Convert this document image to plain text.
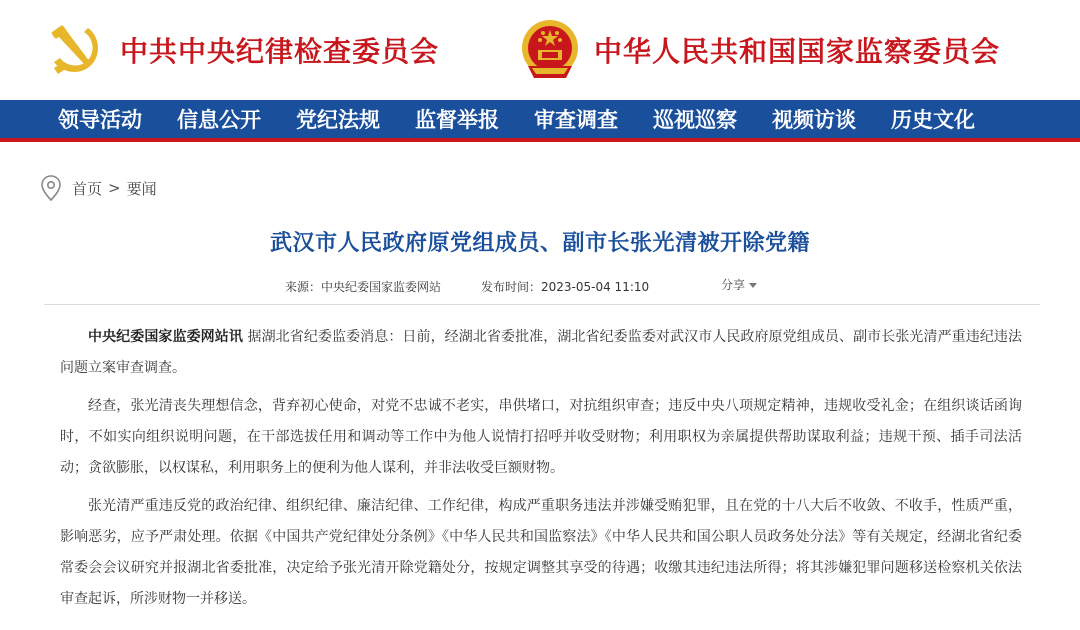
中共中央纪律检查委员会	中华人民共和国国家监察委员会
领导活动 信息公开 党纪法规 监督举报 审查调查 巡视巡察 视频访谈 历史文化
首页 > 要闻
武汉市人民政府原党组成员、副市长张光清被开除党籍
来源：中央纪委国家监委网站	发布时间：2023-05-04 11:10	分享

中央纪委国家监委网站讯 据湖北省纪委监委消息：日前，经湖北省委批准，湖北省纪委监委对武汉市人民政府原党组成员、副市长张光清严重违纪违法问题立案审查调查。

经查，张光清丧失理想信念，背弃初心使命，对党不忠诚不老实，串供堵口，对抗组织审查；违反中央八项规定精神，违规收受礼金；在组织谈话函询时，不如实向组织说明问题，在干部选拔任用和调动等工作中为他人说情打招呼并收受财物；利用职权为亲属提供帮助谋取利益；违规干预、插手司法活动；贪欲膨胀，以权谋私，利用职务上的便利为他人谋利，并非法收受巨额财物。

张光清严重违反党的政治纪律、组织纪律、廉洁纪律、工作纪律，构成严重职务违法并涉嫌受贿犯罪，且在党的十八大后不收敛、不收手，性质严重，影响恶劣，应予严肃处理。依据《中国共产党纪律处分条例》《中华人民共和国监察法》《中华人民共和国公职人员政务处分法》等有关规定，经湖北省纪委常委会会议研究并报湖北省委批准，决定给予张光清开除党籍处分，按规定调整其享受的待遇；收缴其违纪违法所得；将其涉嫌犯罪问题移送检察机关依法审查起诉，所涉财物一并移送。
